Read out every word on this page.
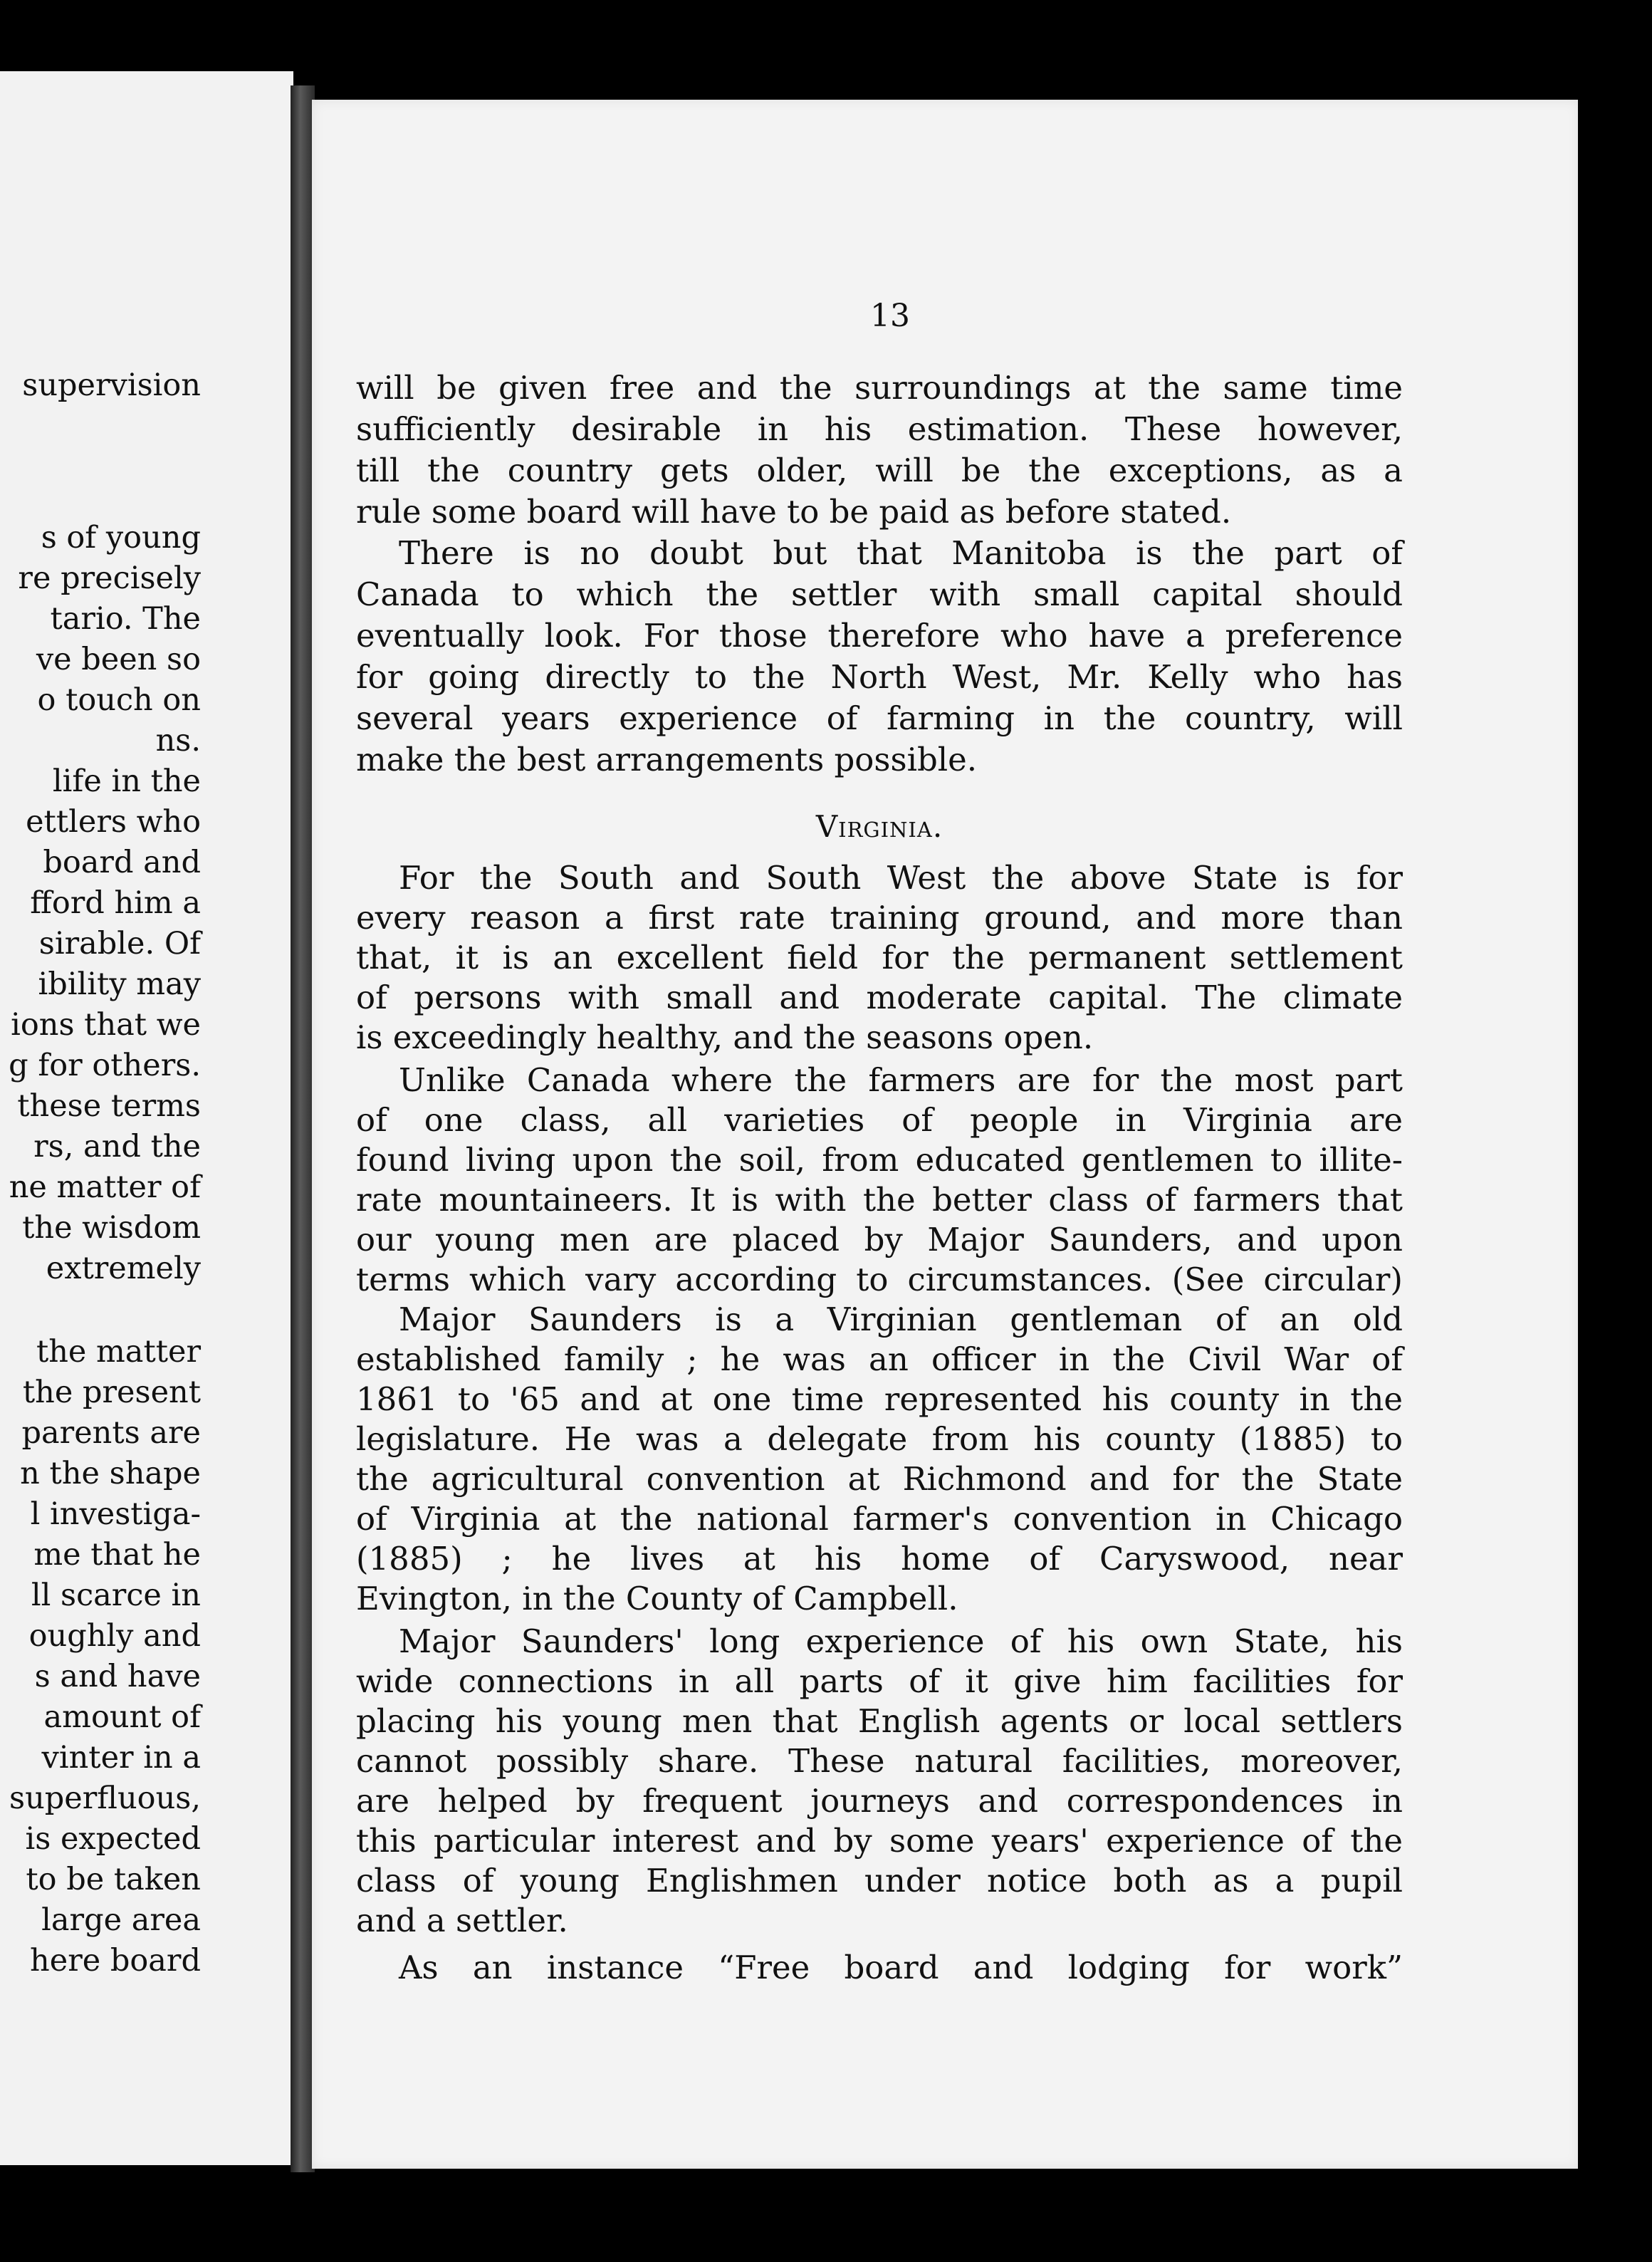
supervision
s of young
re precisely
tario. The
ve been so
o touch on
ns.
life in the
ettlers who
board and
fford him a
sirable. Of
ibility may
ions that we
g for others.
these terms
rs, and the
ne matter of
the wisdom
extremely
the matter
the present
parents are
n the shape
l investiga-
me that he
ll scarce in
oughly and
s and have
amount of
vinter in a
superfluous,
is expected
to be taken
large area
here board
13
will be given free and the surroundings at the same time
sufficiently desirable in his estimation. These however,
till the country gets older, will be the exceptions, as a
rule some board will have to be paid as before stated.
There is no doubt but that Manitoba is the part of
Canada to which the settler with small capital should
eventually look. For those therefore who have a preference
for going directly to the North West, Mr. Kelly who has
several years experience of farming in the country, will
make the best arrangements possible.
Virginia.
For the South and South West the above State is for
every reason a first rate training ground, and more than
that, it is an excellent field for the permanent settlement
of persons with small and moderate capital. The climate
is exceedingly healthy, and the seasons open.
Unlike Canada where the farmers are for the most part
of one class, all varieties of people in Virginia are
found living upon the soil, from educated gentlemen to illite-
rate mountaineers. It is with the better class of farmers that
our young men are placed by Major Saunders, and upon
terms which vary according to circumstances. (See circular)
Major Saunders is a Virginian gentleman of an old
established family ; he was an officer in the Civil War of
1861 to '65 and at one time represented his county in the
legislature. He was a delegate from his county (1885) to
the agricultural convention at Richmond and for the State
of Virginia at the national farmer's convention in Chicago
(1885) ; he lives at his home of Caryswood, near
Evington, in the County of Campbell.
Major Saunders' long experience of his own State, his
wide connections in all parts of it give him facilities for
placing his young men that English agents or local settlers
cannot possibly share. These natural facilities, moreover,
are helped by frequent journeys and correspondences in
this particular interest and by some years' experience of the
class of young Englishmen under notice both as a pupil
and a settler.
As an instance “Free board and lodging for work”
